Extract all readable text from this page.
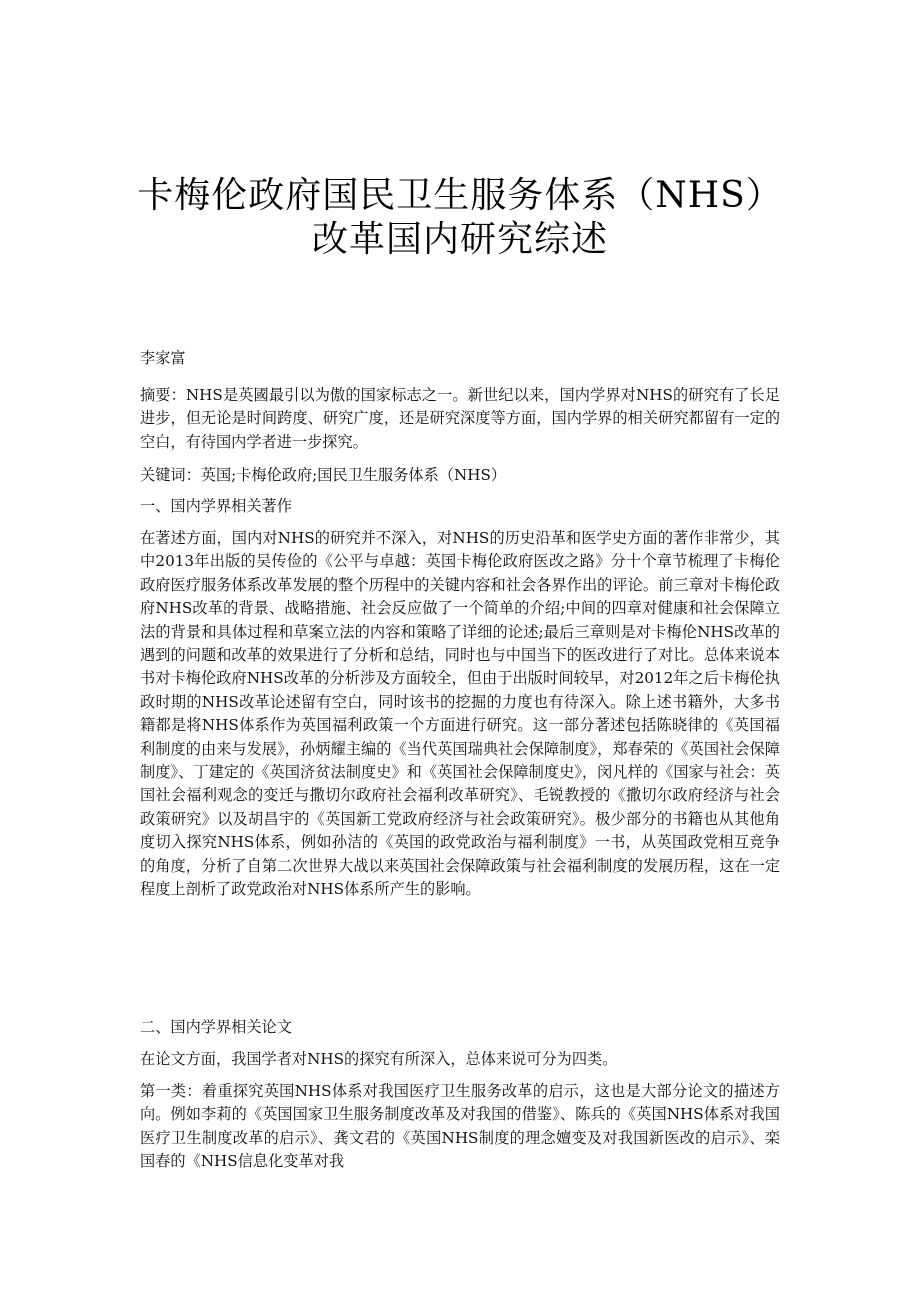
卡梅伦政府国民卫生服务体系（NHS）
改革国内研究综述

李家富

摘要：NHS是英國最引以为傲的国家标志之一。新世纪以来，国内学界对NHS的研究有了长足进步，但无论是时间跨度、研究广度，还是研究深度等方面，国内学界的相关研究都留有一定的空白，有待国内学者进一步探究。

关键词：英国;卡梅伦政府;国民卫生服务体系（NHS）

一、国内学界相关著作

在著述方面，国内对NHS的研究并不深入，对NHS的历史沿革和医学史方面的著作非常少，其中2013年出版的吴传俭的《公平与卓越：英国卡梅伦政府医改之路》分十个章节梳理了卡梅伦政府医疗服务体系改革发展的整个历程中的关键内容和社会各界作出的评论。前三章对卡梅伦政府NHS改革的背景、战略措施、社会反应做了一个简单的介绍;中间的四章对健康和社会保障立法的背景和具体过程和草案立法的内容和策略了详细的论述;最后三章则是对卡梅伦NHS改革的遇到的问题和改革的效果进行了分析和总结，同时也与中国当下的医改进行了对比。总体来说本书对卡梅伦政府NHS改革的分析涉及方面较全，但由于出版时间较早，对2012年之后卡梅伦执政时期的NHS改革论述留有空白，同时该书的挖掘的力度也有待深入。除上述书籍外，大多书籍都是将NHS体系作为英国福利政策一个方面进行研究。这一部分著述包括陈晓律的《英国福利制度的由来与发展》，孙炳耀主编的《当代英国瑞典社会保障制度》，郑春荣的《英国社会保障制度》、丁建定的《英国济贫法制度史》和《英国社会保障制度史》，闵凡样的《国家与社会：英国社会福利观念的变迁与撒切尔政府社会福利改革研究》、毛锐教授的《撒切尔政府经济与社会政策研究》以及胡昌宇的《英国新工党政府经济与社会政策研究》。极少部分的书籍也从其他角度切入探究NHS体系，例如孙洁的《英国的政党政治与福利制度》一书，从英国政党相互竞争的角度，分析了自第二次世界大战以来英国社会保障政策与社会福利制度的发展历程，这在一定程度上剖析了政党政治对NHS体系所产生的影响。

二、国内学界相关论文

在论文方面，我国学者对NHS的探究有所深入，总体来说可分为四类。

第一类：着重探究英国NHS体系对我国医疗卫生服务改革的启示，这也是大部分论文的描述方向。例如李莉的《英国国家卫生服务制度改革及对我国的借鉴》、陈兵的《英国NHS体系对我国医疗卫生制度改革的启示》、龚文君的《英国NHS制度的理念嬗变及对我国新医改的启示》、栾国春的《NHS信息化变革对我
